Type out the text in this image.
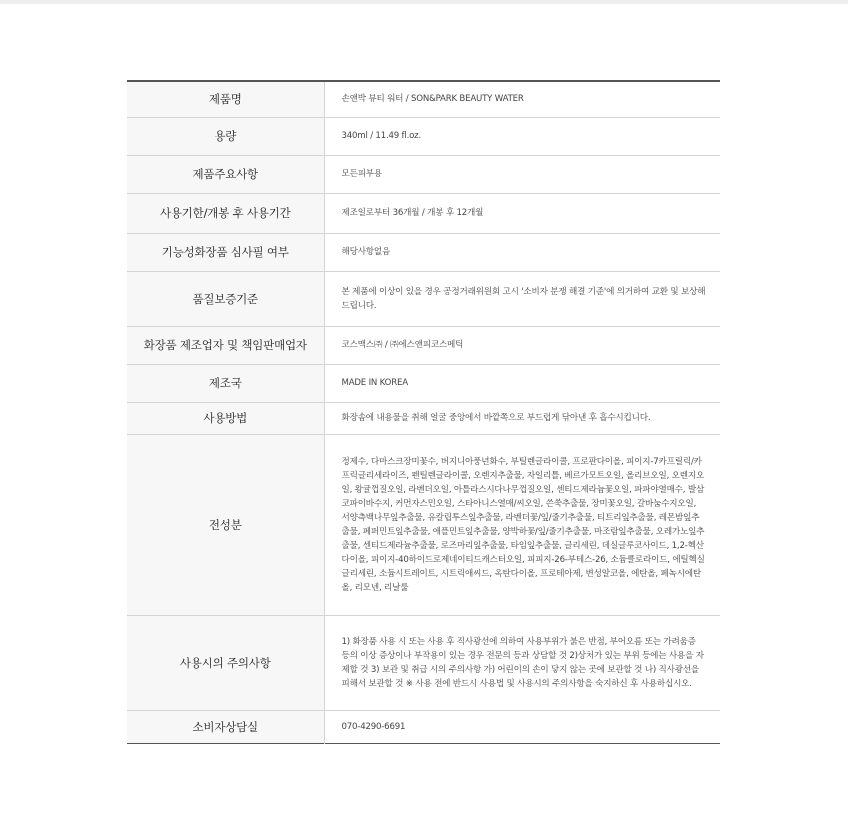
제품명	손앤박 뷰티 워터 / SON&PARK BEAUTY WATER
용량	340ml / 11.49 fl.oz.
제품주요사항	모든피부용
사용기한/개봉 후 사용기간	제조일로부터 36개월 / 개봉 후 12개월
기능성화장품 심사필 여부	해당사항없음
품질보증기준	본 제품에 이상이 있을 경우 공정거래위원회 고시 '소비자 분쟁 해결 기준'에 의거하여 교환 및 보상해 드립니다.
화장품 제조업자 및 책임판매업자	코스맥스㈜ / ㈜에스앤피코스메틱
제조국	MADE IN KOREA
사용방법	화장솜에 내용물을 취해 얼굴 중앙에서 바깥쪽으로 부드럽게 닦아낸 후 흡수시킵니다.
전성분	정제수, 다마스크장미꽃수, 버지니아풍년화수, 부틸렌글라이콜, 프로판다이올, 피이지-7카프릴릭/카프릭글리세라이즈, 펜틸렌글라이콜, 오렌지추출물, 자일리틀, 베르가모트오일, 올리브오일, 오렌지오일, 왕귤껍질오일, 라벤더오일, 아틀라스시다나무껍질오일, 센티드제라늄꽃오일, 파파야열매수, 발삼코파이바수지, 커먼자스민오일, 스타아니스열매/씨오일, 쓴쑥추출물, 장미꽃오일, 갈바눔수지오일, 서양측백나무잎추출물, 유칼립투스잎추출물, 라벤더꽃/잎/줄기추출물, 티트리잎추출물, 레몬밤잎추출물, 페퍼민트잎추출물, 애플민트잎추출물, 양박하꽃/잎/줄기추출물, 마조람잎추출물, 오레가노잎추출물, 센티드제라늄추출물, 로즈마리잎추출물, 타임잎추출물, 글리세린, 데실글루코사이드, 1,2-헥산다이올, 피이지-40하이드로제네이티드캐스터오일, 피피지-26-부테스-26, 소듐클로라이드, 에틸헥실글리세린, 소듐시트레이트, 시트릭애씨드, 옥탄다이올, 프로테아제, 변성알코올, 에탄올, 페녹시에탄올, 리모넨, 리날룰
사용시의 주의사항	1) 화장품 사용 시 또는 사용 후 직사광선에 의하여 사용부위가 붉은 반점, 부어오름 또는 가려움증 등의 이상 증상이나 부작용이 있는 경우 전문의 등과 상담할 것 2)상처가 있는 부위 등에는 사용을 자제할 것 3) 보관 및 취급 시의 주의사항 가) 어린이의 손이 닿지 않는 곳에 보관할 것 나) 직사광선을 피해서 보관할 것 ※ 사용 전에 반드시 사용법 및 사용시의 주의사항을 숙지하신 후 사용하십시오.
소비자상담실	070-4290-6691
